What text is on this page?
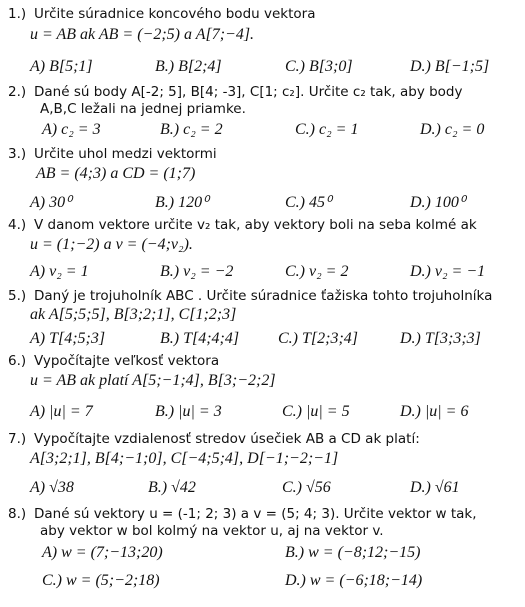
1.) Určite súradnice koncového bodu vektora
u = AB ak AB = (−2;5) a A[7;−4].
A) B[5;1]	B.) B[2;4]	C.) B[3;0]	D.) B[−1;5]
2.) Dané sú body A[-2; 5], B[4; -3], C[1; c₂]. Určite c₂ tak, aby body
A,B,C ležali na jednej priamke.
A) c₂ = 3	B.) c₂ = 2	C.) c₂ = 1	D.) c₂ = 0
3.) Určite uhol medzi vektormi
AB = (4;3) a CD = (1;7)
A) 30⁰	B.) 120⁰	C.) 45⁰	D.) 100⁰
4.) V danom vektore určite v₂ tak, aby vektory boli na seba kolmé ak
u = (1;−2) a v = (−4;v₂).
A) v₂ = 1	B.) v₂ = −2	C.) v₂ = 2	D.) v₂ = −1
5.) Daný je trojuholník ABC . Určite súradnice ťažiska tohto trojuholníka
ak A[5;5;5], B[3;2;1], C[1;2;3]
A) T[4;5;3]	B.) T[4;4;4] C.) T[2;3;4]	D.) T[3;3;3]
6.) Vypočítajte veľkosť vektora
u = AB ak platí A[5;−1;4], B[3;−2;2]
A) |u| = 7	B.) |u| = 3	C.) |u| = 5	D.) |u| = 6
7.) Vypočítajte vzdialenosť stredov úsečiek AB a CD ak platí:
A[3;2;1], B[4;−1;0], C[−4;5;4], D[−1;−2;−1]
A) √38	B.) √42	C.) √56	D.) √61
8.) Dané sú vektory u = (-1; 2; 3) a v = (5; 4; 3). Určite vektor w tak,
aby vektor w bol kolmý na vektor u, aj na vektor v.
A) w = (7;−13;20)	B.) w = (−8;12;−15)
C.) w = (5;−2;18)	D.) w = (−6;18;−14)
